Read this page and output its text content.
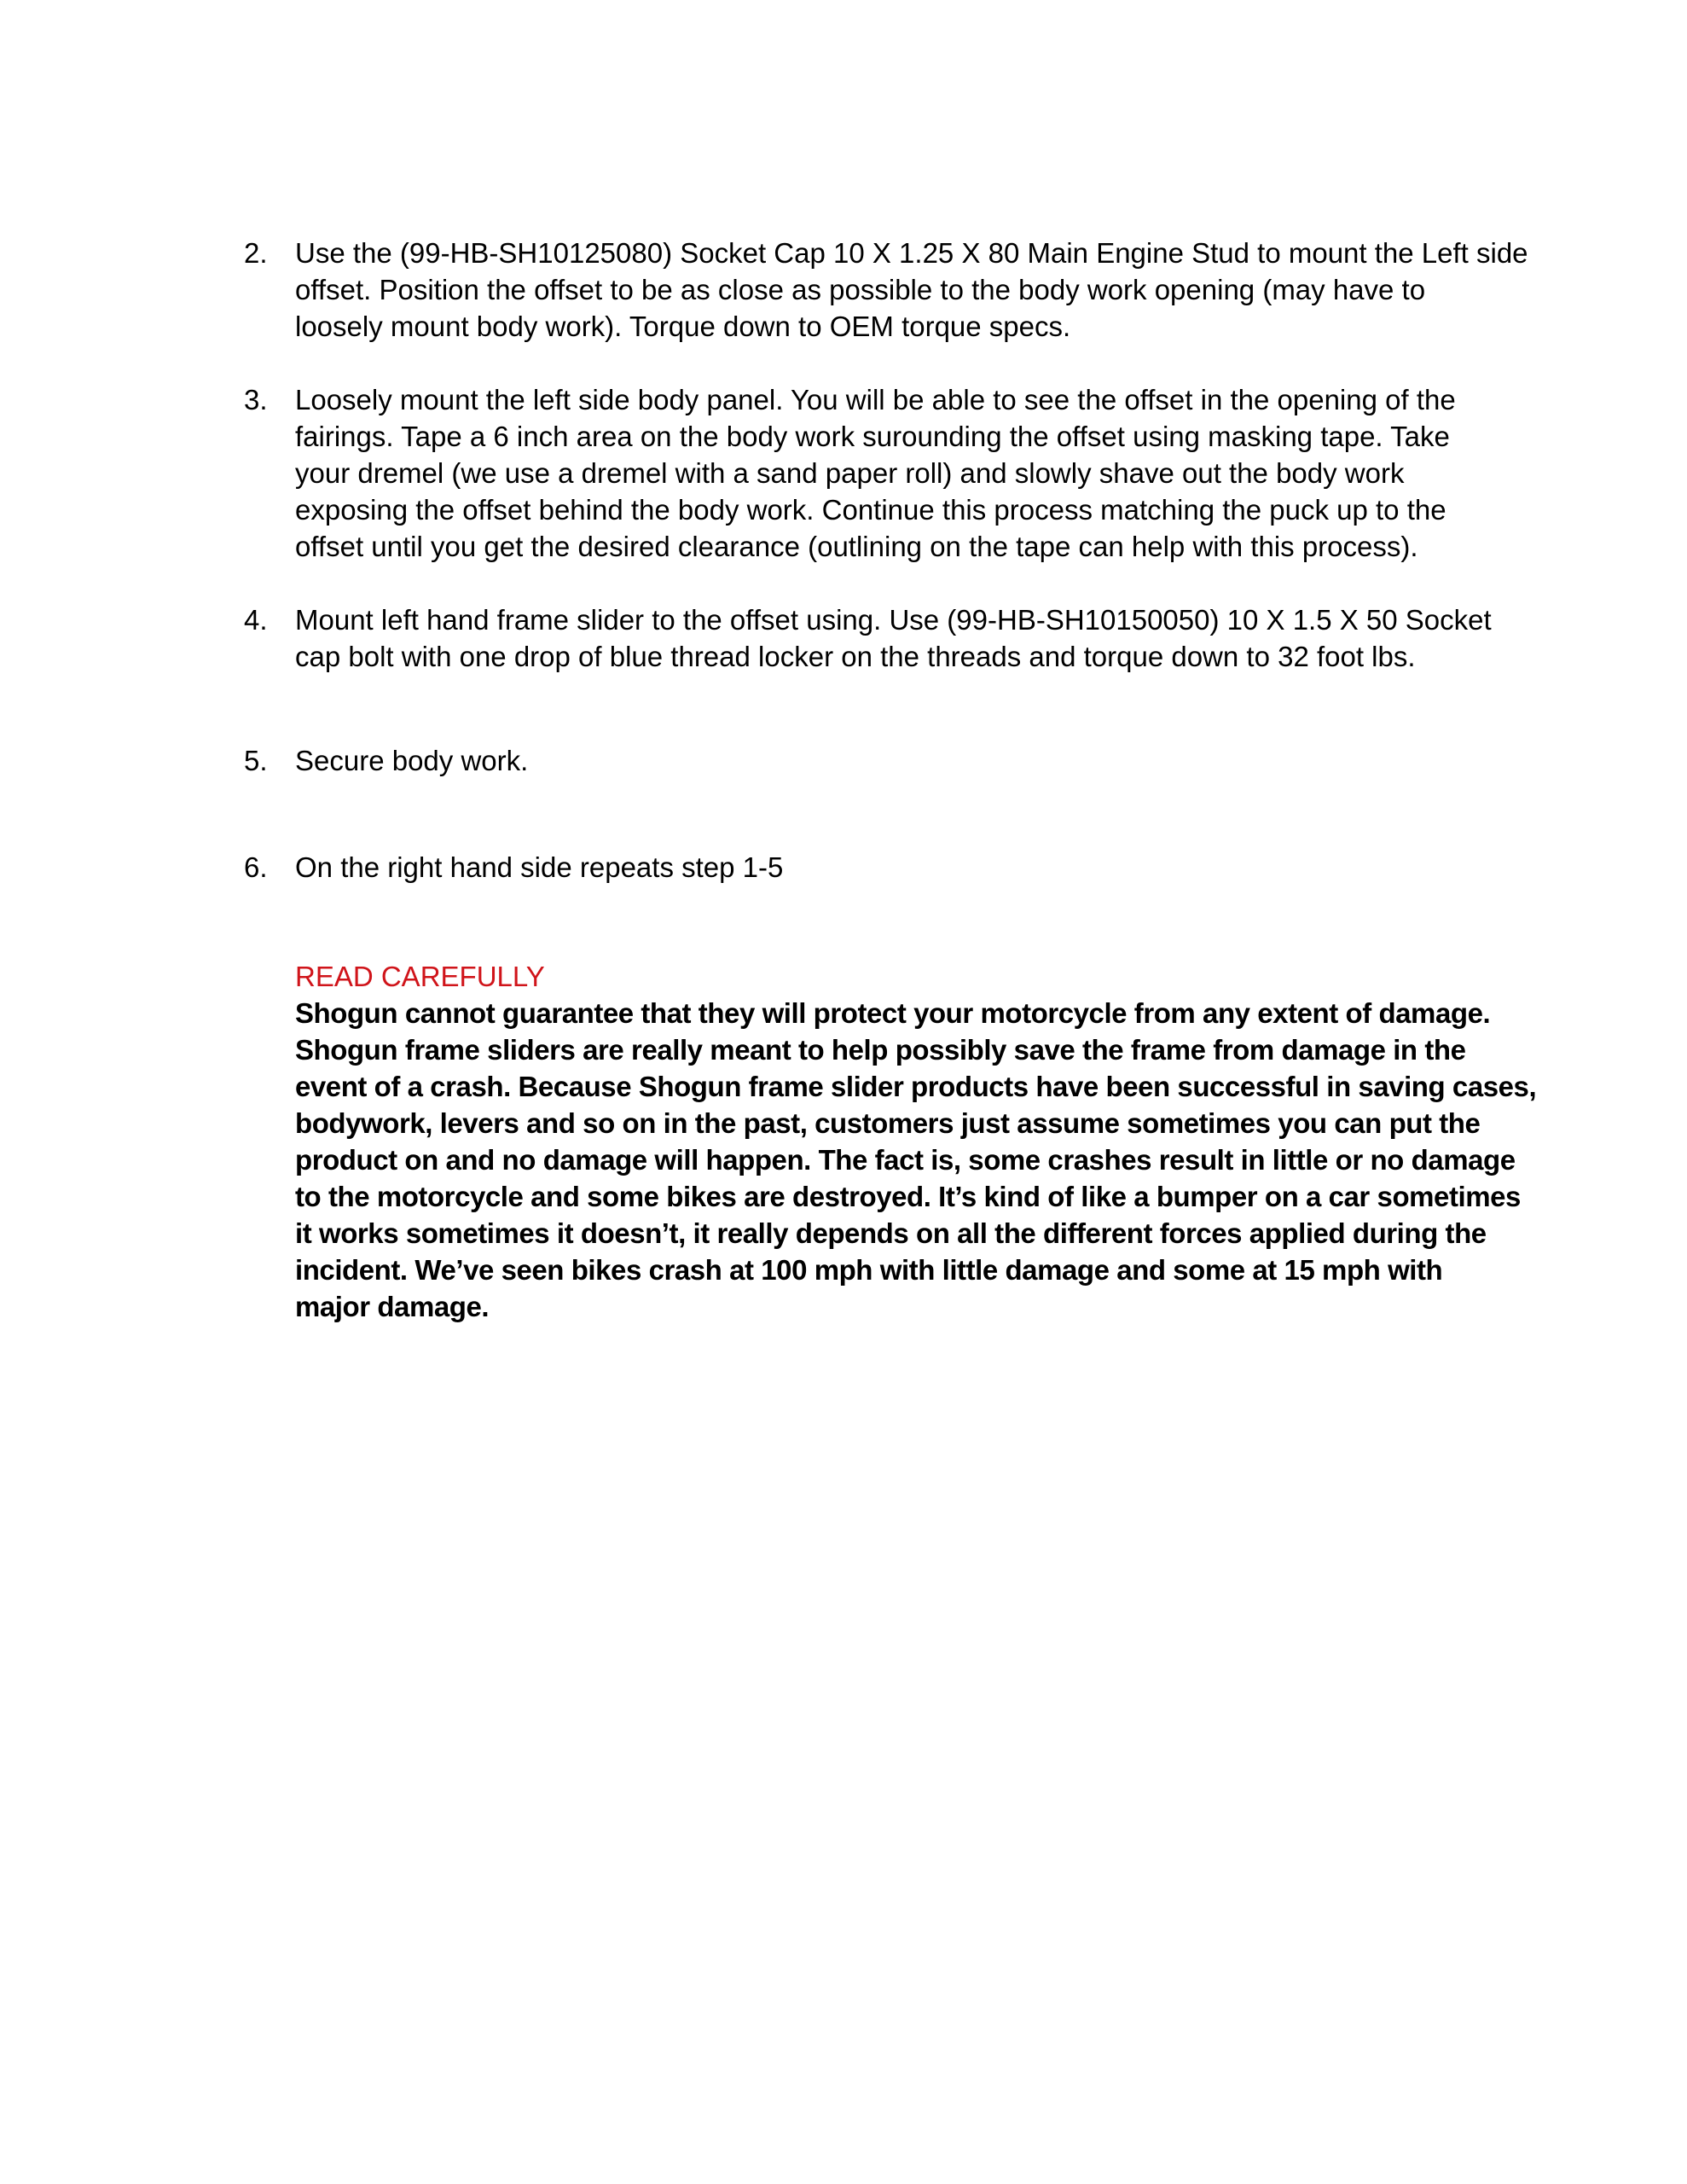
2. Use the (99-HB-SH10125080) Socket Cap 10 X 1.25 X 80 Main Engine Stud to mount the Left side
offset. Position the offset to be as close as possible to the body work opening (may have to
loosely mount body work). Torque down to OEM torque specs.
3. Loosely mount the left side body panel. You will be able to see the offset in the opening of the
fairings. Tape a 6 inch area on the body work surounding the offset using masking tape. Take
your dremel (we use a dremel with a sand paper roll) and slowly shave out the body work
exposing the offset behind the body work. Continue this process matching the puck up to the
offset until you get the desired clearance (outlining on the tape can help with this process).
4. Mount left hand frame slider to the offset using. Use (99-HB-SH10150050) 10 X 1.5 X 50 Socket
cap bolt with one drop of blue thread locker on the threads and torque down to 32 foot lbs.
5. Secure body work.
6. On the right hand side repeats step 1-5
READ CAREFULLY
Shogun cannot guarantee that they will protect your motorcycle from any extent of damage.
Shogun frame sliders are really meant to help possibly save the frame from damage in the
event of a crash. Because Shogun frame slider products have been successful in saving cases,
bodywork, levers and so on in the past, customers just assume sometimes you can put the
product on and no damage will happen. The fact is, some crashes result in little or no damage
to the motorcycle and some bikes are destroyed. It’s kind of like a bumper on a car sometimes
it works sometimes it doesn’t, it really depends on all the different forces applied during the
incident. We’ve seen bikes crash at 100 mph with little damage and some at 15 mph with
major damage.
